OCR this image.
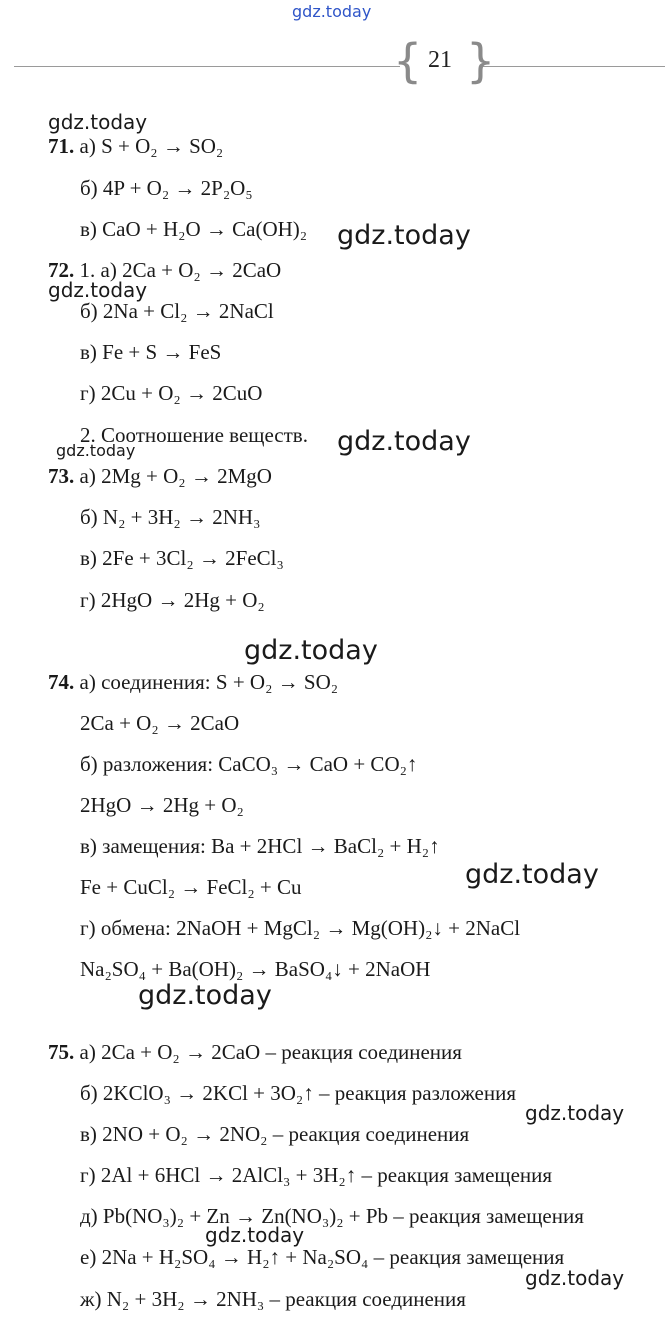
gdz.today
{ }
21
71. а) S + O₂ → SO₂
б) 4P + O₂ → 2P₂O₅
в) CaO + H₂O → Ca(OH)₂
72. 1. а) 2Ca + O₂ → 2CaO
б) 2Na + Cl₂ → 2NaCl
в) Fe + S → FeS
г) 2Cu + O₂ → 2CuO
2. Соотношение веществ.
73. а) 2Mg + O₂ → 2MgO
б) N₂ + 3H₂ → 2NH₃
в) 2Fe + 3Cl₂ → 2FeCl₃
г) 2HgO → 2Hg + O₂
74. а) соединения: S + O₂ → SO₂
2Ca + O₂ → 2CaO
б) разложения: CaCO₃ → CaO + CO₂↑
2HgO → 2Hg + O₂
в) замещения: Ba + 2HCl → BaCl₂ + H₂↑
Fe + CuCl₂ → FeCl₂ + Cu
г) обмена: 2NaOH + MgCl₂ → Mg(OH)₂↓ + 2NaCl
Na₂SO₄ + Ba(OH)₂ → BaSO₄↓ + 2NaOH
75. а) 2Ca + O₂ → 2CaO – реакция соединения
б) 2KClO₃ → 2KCl + 3O₂↑ – реакция разложения
в) 2NO + O₂ → 2NO₂ – реакция соединения
г) 2Al + 6HCl → 2AlCl₃ + 3H₂↑ – реакция замещения
д) Pb(NO₃)₂ + Zn → Zn(NO₃)₂ + Pb – реакция замещения
е) 2Na + H₂SO₄ → H₂↑ + Na₂SO₄ – реакция замещения
ж) N₂ + 3H₂ → 2NH₃ – реакция соединения
gdz.today
gdz.today
gdz.today
gdz.today
gdz.today
gdz.today
gdz.today
gdz.today
gdz.today
gdz.today
gdz.today
